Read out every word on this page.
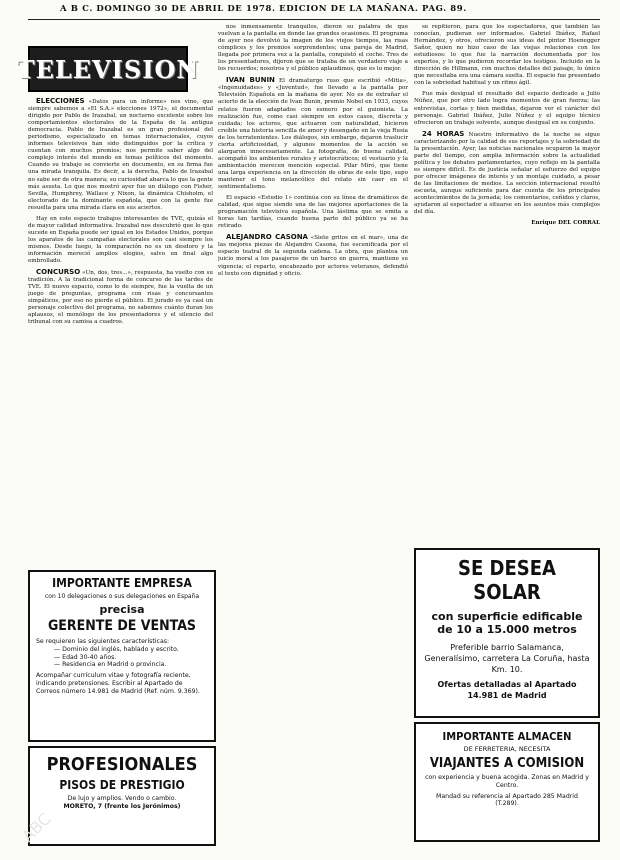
A B C. DOMINGO 30 DE ABRIL DE 1978. EDICION DE LA MAÑANA. PAG. 89.

ELECCIONES «Datos para un informe» nos vino, que siempre sabemos a «El S.A.» elecciones 1972», el documental dirigido por Pablo de Irazabal, un nocturno excelente sobre los comportamientos electorales de la España de la antigua democracia. Pablo de Irazabal es un gran profesional del periodismo, especializado en temas internacionales, cuyos informes televisivos han sido distinguidos por la crítica y cuentan con muchos premios; nos permite saber algo del complejo interés del mundo en temas políticos del momento. Cuando su trabajo se convierte en documento, en su firma fue una mirada tranquila. Es decir, a la derecha, Pablo de Irazabal no sabe ser de otra manera; su curiosidad abarca lo que la gente más asusta. Lo que nos mostró ayer fue un diálogo con Fisher, Sevilla, Humphrey, Wallace y Nixon, la dinámica Chisholm, el electorado de la dominante española, que con la gente fue resuelta para una mirada clara en sus aciertos.

Hay en este espacio trabajos interesantes de TVE, quizás el de mayor calidad informativa. Irazabal nos descubrió que lo que sucede en España puede ser igual en los Estados Unidos, porque los aparatos de las campañas electorales son casi siempre los mismos. Desde luego, la comparación no es un desdoro y la información mereció amplios elogios, salvo un final algo embrollado.

CONCURSO «Un, dos, tres...», respuesta, ha vuelto con su tradición. A la tradicional forma de concurso de las tardes de TVE. El nuevo espacio, como lo de siempre, fue la vuelta de un juego de preguntas, programa con risas y concursantes simpáticos, por eso no pierde el público. El jurado es ya casi un personaje colectivo del programa, no sabemos cuánto duran los aplausos, el monólogo de los presentadores y el silencio del tribunal con su camisa a cuadros.

TELEVISION

nos inmensamente tranquilos, dieron su palabra de que vuelvan a la pantalla en donde las grandes ocasiones. El programa de ayer nos devolvió la imagen de los viejos tiempos, las risas cómplices y los premios sorprendentes; una pareja de Madrid, llegada por primera vez a la pantalla, conquistó el coche. Tres de los presentadores, dijeron que se trataba de un verdadero viaje a los recuerdos; nosotros y el público aplaudimos, que es lo mejor.

IVAN BUNIN El dramaturgo ruso que escribió «Mitia», «Ingenuidades» y «Juventud», fue llevado a la pantalla por Televisión Española en la mañana de ayer. No es de extrañar el acierto de la elección de Ivan Bunin, premio Nobel en 1933, cuyos relatos fueron adaptados con esmero por el guionista. La realización fue, como casi siempre en estos casos, discreta y cuidada; los actores, que actuaron con naturalidad, hicieron creíble una historia sencilla de amor y desengaño en la vieja Rusia de los terratenientes. Los diálogos, sin embargo, dejaron traslucir cierta artificiosidad, y algunos momentos de la acción se alargaron innecesariamente. La fotografía, de buena calidad, acompañó los ambientes rurales y aristocráticos; el vestuario y la ambientación merecen mención especial. Pilar Miró, que tiene una larga experiencia en la dirección de obras de este tipo, supo mantener el tono melancólico del relato sin caer en el sentimentalismo.

El espacio «Estudio 1» continúa con su línea de dramáticos de calidad, que sigue siendo una de las mejores aportaciones de la programación televisiva española. Una lástima que se emita a horas tan tardías, cuando buena parte del público ya se ha retirado.

ALEJANDRO CASONA «Siete gritos en el mar», una de las mejores piezas de Alejandro Casona, fue escenificada por el espacio teatral de la segunda cadena. La obra, que plantea un juicio moral a los pasajeros de un barco en guerra, mantiene su vigencia; el reparto, encabezado por actores veteranos, defendió el texto con dignidad y oficio.

se repitieron, para que los espectadores, que también las conocían, pudieran ser informados. Gabriel Ibáñez, Rafael Hernández, y otros, ofrecieron sus ideas del pintor Hoenegger Sañor, quien no hizo caso de las viejas relaciones con los estudiosos: lo que fue la narración documentada por los expertos, y lo que pudieron recordar los testigos. Incluido en la dirección de Hillmann, con muchos detalles del paisaje, lo único que necesitaba era una cámara suelta. El espacio fue presentado con la sobriedad habitual y un ritmo ágil.

Fue más desigual el resultado del espacio dedicado a Julio Núñez, que por otro lado logra momentos de gran fuerza; las entrevistas, cortas y bien medidas, dejaron ver el carácter del personaje. Gabriel Ibáñez, Julio Núñez y el equipo técnico ofrecieron un trabajo solvente, aunque desigual en su conjunto.

24 HORAS Nuestro informativo de la noche se sigue caracterizando por la calidad de sus reportajes y la sobriedad de la presentación. Ayer, las noticias nacionales ocuparon la mayor parte del tiempo, con amplia información sobre la actualidad política y los debates parlamentarios, cuyo reflejo en la pantalla es siempre difícil. Es de justicia señalar el esfuerzo del equipo por ofrecer imágenes de interés y un montaje cuidado, a pesar de las limitaciones de medios. La sección internacional resultó escueta, aunque suficiente para dar cuenta de los principales acontecimientos de la jornada; los comentarios, ceñidos y claros, ayudaron al espectador a situarse en los asuntos más complejos del día.

Enrique DEL CORRAL

IMPORTANTE EMPRESA
con 10 delegaciones o sus delegaciones en España
precisa
GERENTE DE VENTAS
Se requieren las siguientes características:
— Dominio del inglés, hablado y escrito.
— Edad 30-40 años.
— Residencia en Madrid o provincia.
Acompañar currículum vitae y fotografía reciente, indicando pretensiones. Escribir al Apartado de Correos número 14.981 de Madrid (Ref. núm. 9.369).
PROFESIONALES
PISOS DE PRESTIGIO
De lujo y amplios. Vendo o cambio.
MORETO, 7 (frente los Jerónimos)
SE DESEA SOLAR
con superficie edificable
de 10 a 15.000 metros
Preferible barrio Salamanca, Generalísimo, carretera La Coruña, hasta Km. 10.
Ofertas detalladas al Apartado 14.981 de Madrid
IMPORTANTE ALMACEN
DE FERRETERIA, NECESITA
VIAJANTES A COMISION
con experiencia y buena acogida. Zonas en Madrid y Centro.
Mandad su referencia al Apartado 285 Madrid (T.289).
ABC
